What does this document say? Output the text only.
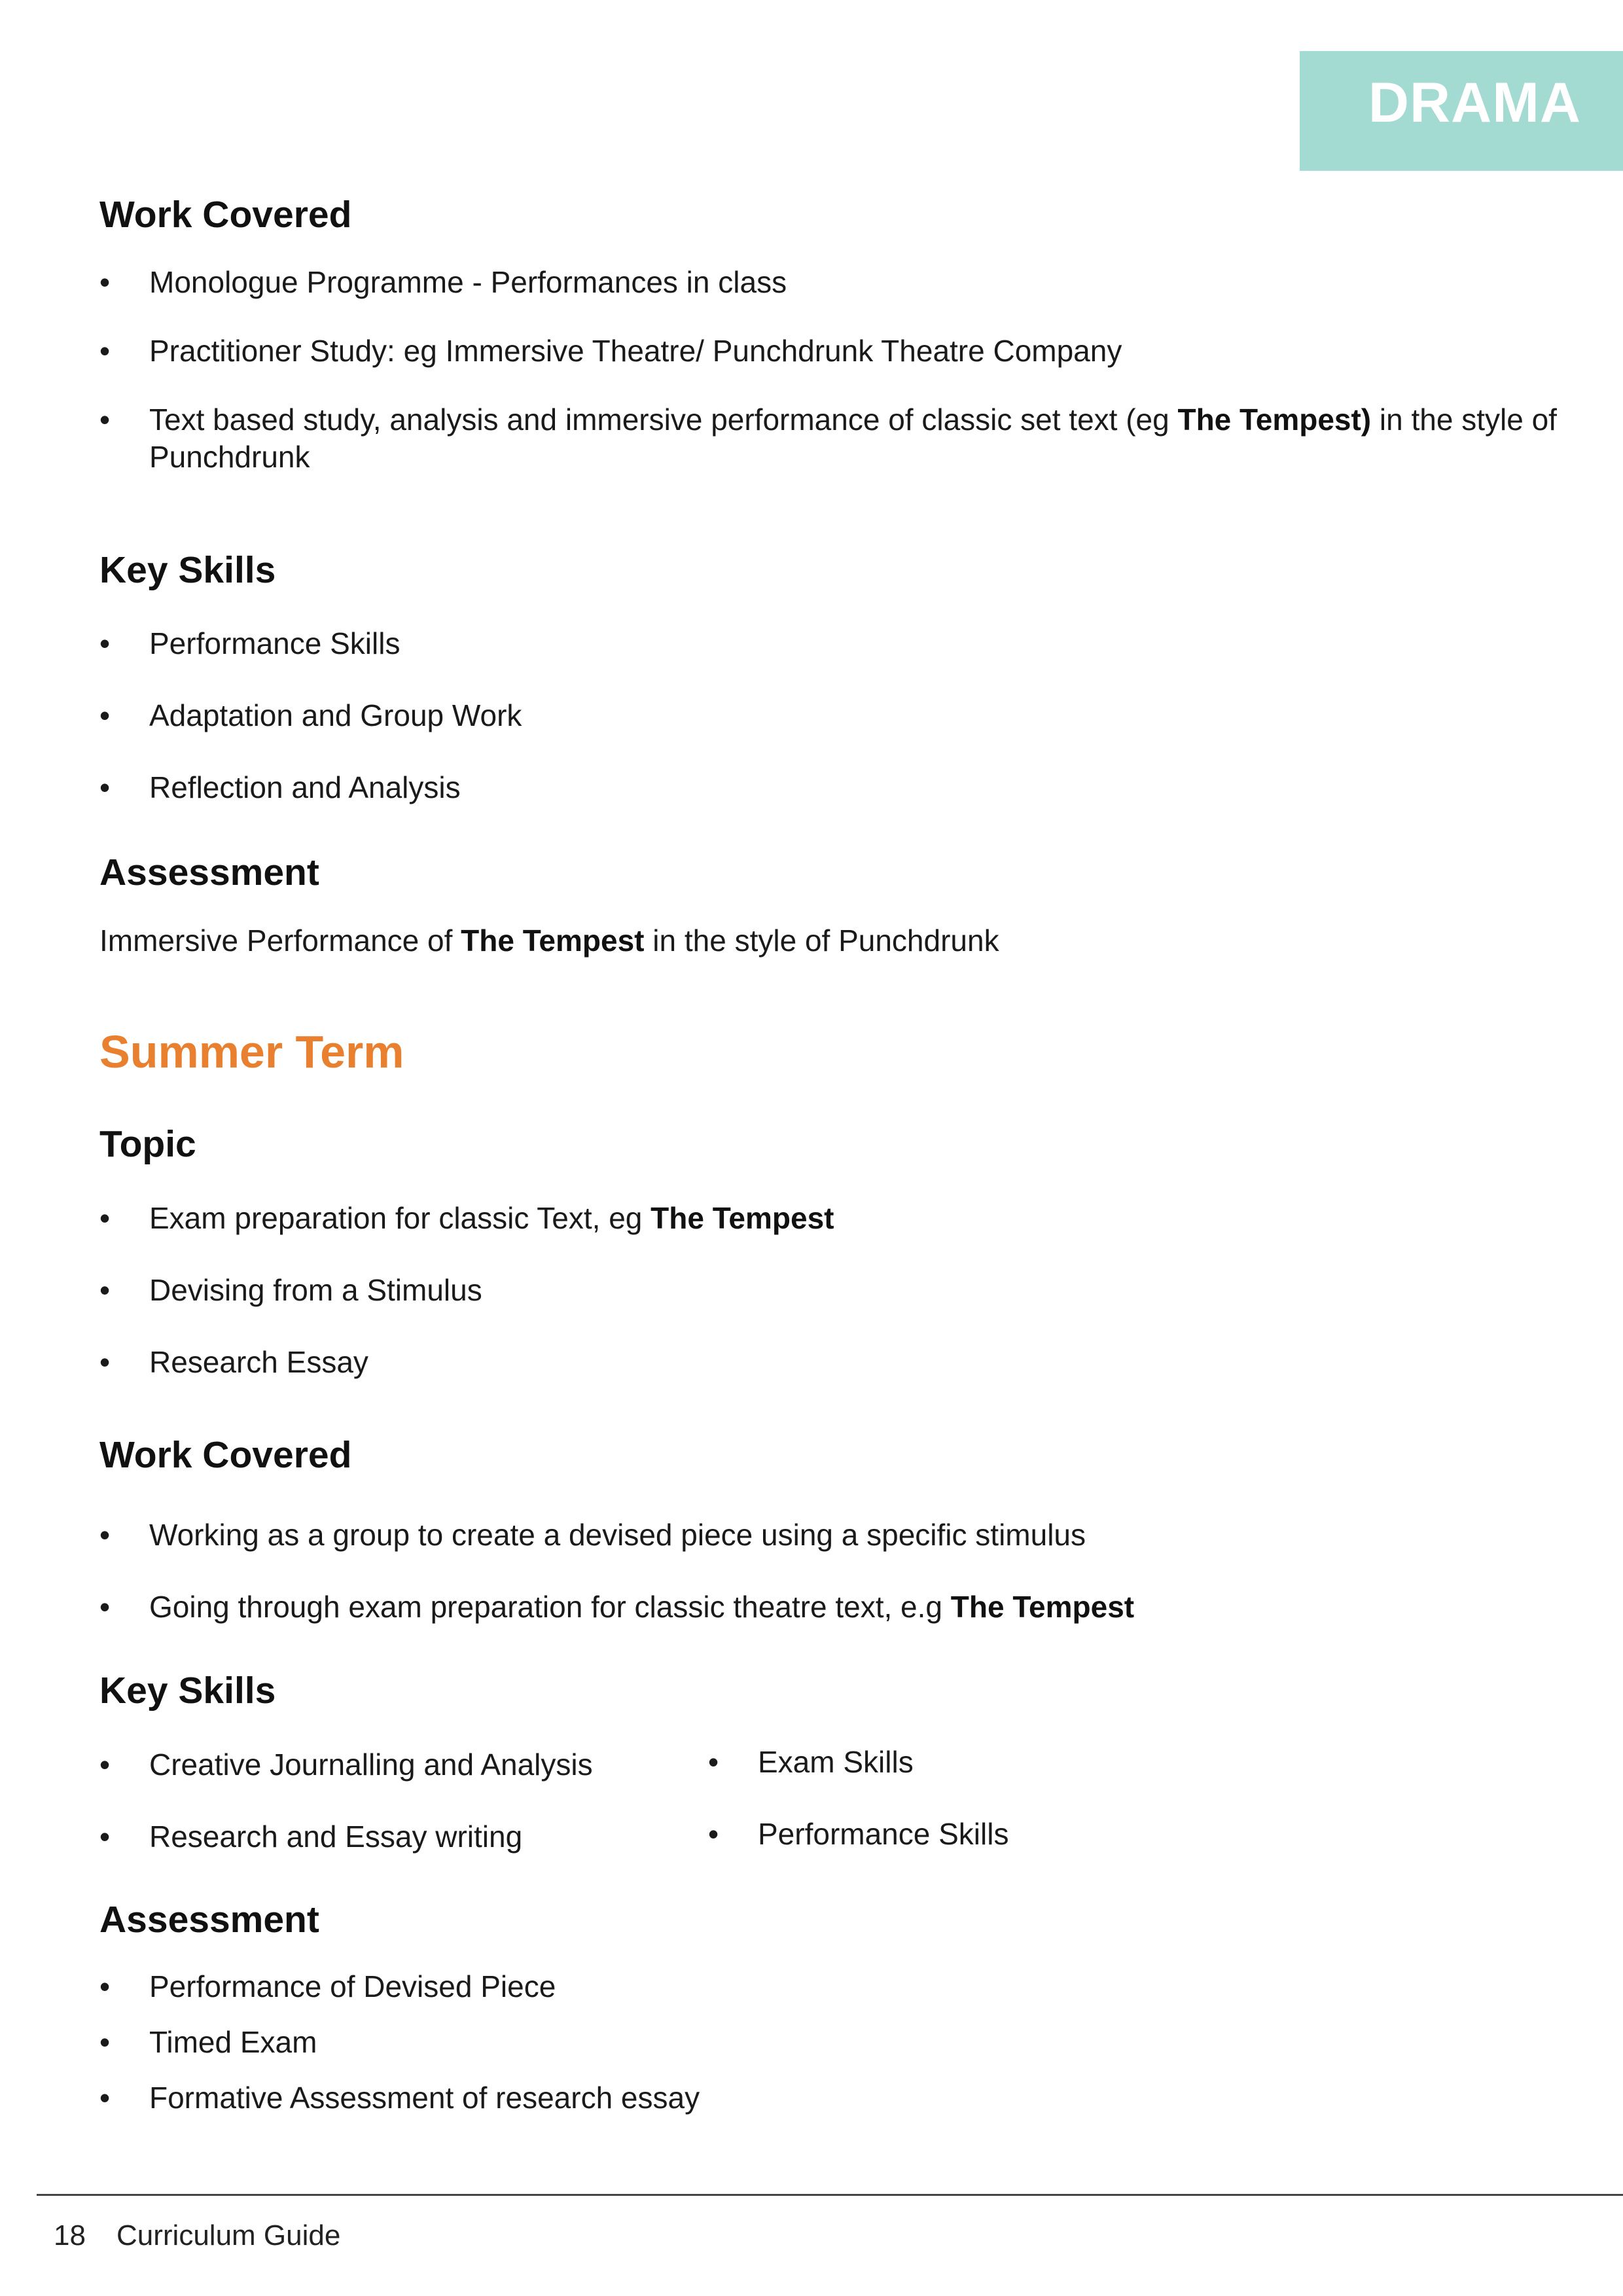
DRAMA
Work Covered
• Monologue Programme - Performances in class
• Practitioner Study: eg Immersive Theatre/ Punchdrunk Theatre Company
• Text based study, analysis and immersive performance of classic set text (eg The Tempest) in the style of Punchdrunk
Key Skills
• Performance Skills
• Adaptation and Group Work
• Reflection and Analysis
Assessment

Immersive Performance of The Tempest in the style of Punchdrunk

Summer Term
Topic
• Exam preparation for classic Text, eg The Tempest
• Devising from a Stimulus
• Research Essay
Work Covered
• Working as a group to create a devised piece using a specific stimulus
• Going through exam preparation for classic theatre text, e.g The Tempest
Key Skills
• Creative Journalling and Analysis
• Research and Essay writing
• Exam Skills
• Performance Skills
Assessment
• Performance of Devised Piece
• Timed Exam
• Formative Assessment of research essay
18 Curriculum Guide
